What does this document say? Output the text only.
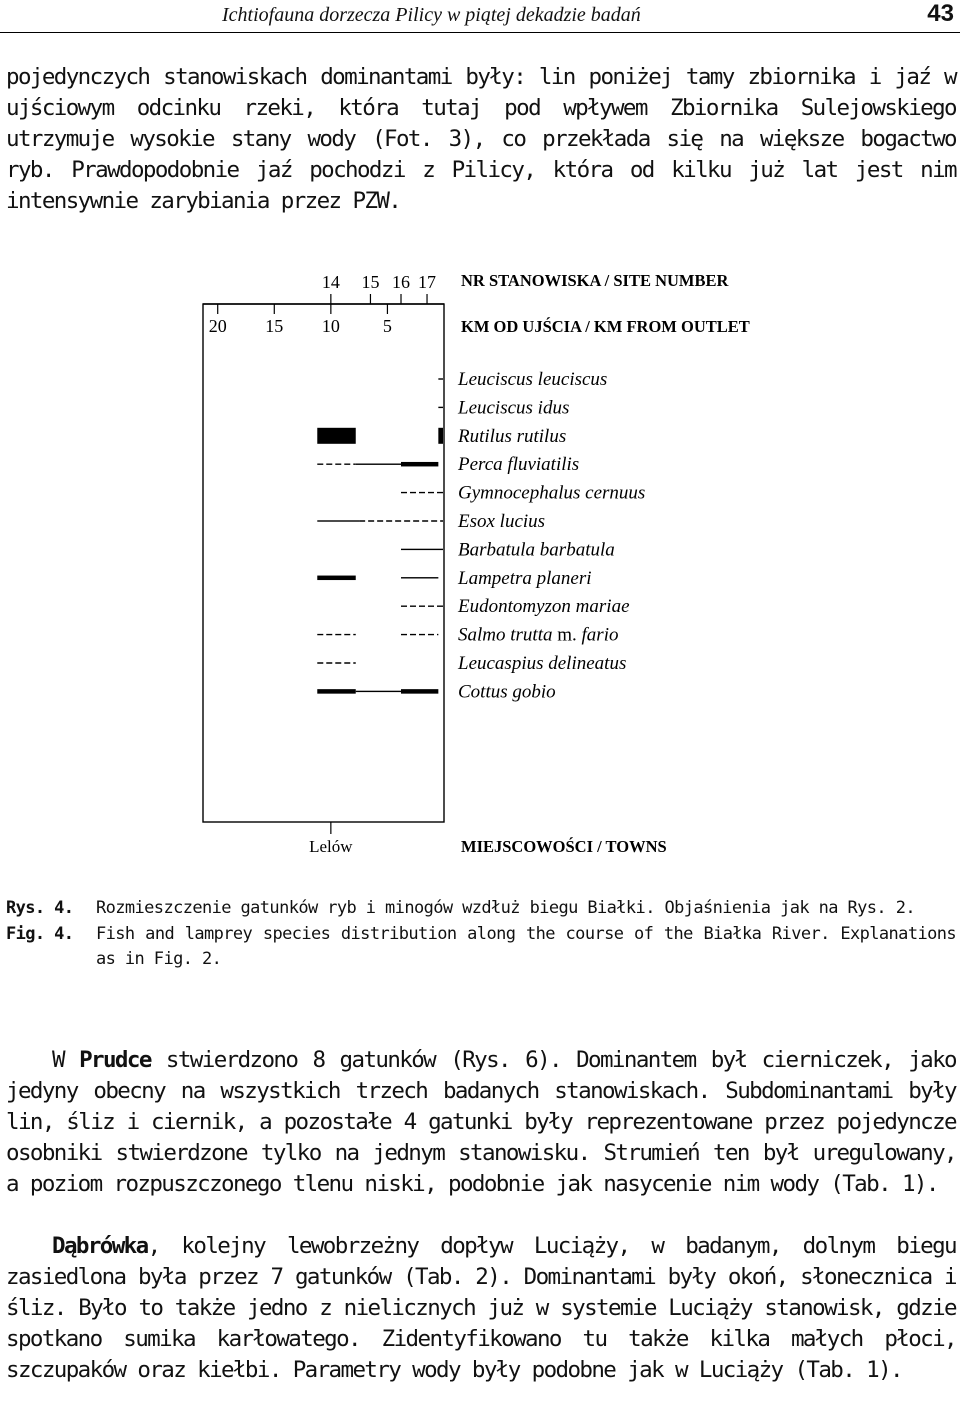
Ichtiofauna dorzecza Pilicy w piątej dekadzie badań	43

pojedynczych stanowiskach dominantami były: lin poniżej tamy zbiornika i jaź w ujściowym odcinku rzeki, która tutaj pod wpływem Zbiornika Sulejowskiego utrzymuje wysokie stany wody (Fot. 3), co przekłada się na większe bogactwo ryb. Prawdopodobnie jaź pochodzi z Pilicy, która od kilku już lat jest nim intensywnie zarybiania przez PZW.

14 15 16 17
20 15 10 5
Lelów
Leuciscus leuciscus
Leuciscus idus
Rutilus rutilus
Perca fluviatilis
Gymnocephalus cernuus
Esox lucius
Barbatula barbatula
Lampetra planeri
Eudontomyzon mariae
Salmo trutta m. fario
Leucaspius delineatus
Cottus gobio
NR STANOWISKA / SITE NUMBER
KM OD UJŚCIA / KM FROM OUTLET
MIEJSCOWOŚCI / TOWNS
Rys. 4. Rozmieszczenie gatunków ryb i minogów wzdłuż biegu Białki. Objaśnienia jak na Rys. 2.
Fig. 4. Fish and lamprey species distribution along the course of the Białka River. Explanations as in Fig. 2.

W Prudce stwierdzono 8 gatunków (Rys. 6). Dominantem był cierniczek, jako jedyny obecny na wszystkich trzech badanych stanowiskach. Subdominantami były lin, śliz i ciernik, a pozostałe 4 gatunki były reprezentowane przez pojedyncze osobniki stwierdzone tylko na jednym stanowisku. Strumień ten był uregulowany, a poziom rozpuszczonego tlenu niski, podobnie jak nasycenie nim wody (Tab. 1).

Dąbrówka, kolejny lewobrzeżny dopływ Luciąży, w badanym, dolnym biegu zasiedlona była przez 7 gatunków (Tab. 2). Dominantami były okoń, słonecznica i śliz. Było to także jedno z nielicznych już w systemie Luciąży stanowisk, gdzie spotkano sumika karłowatego. Zidentyfikowano tu także kilka małych płoci, szczupaków oraz kiełbi. Parametry wody były podobne jak w Luciąży (Tab. 1).
